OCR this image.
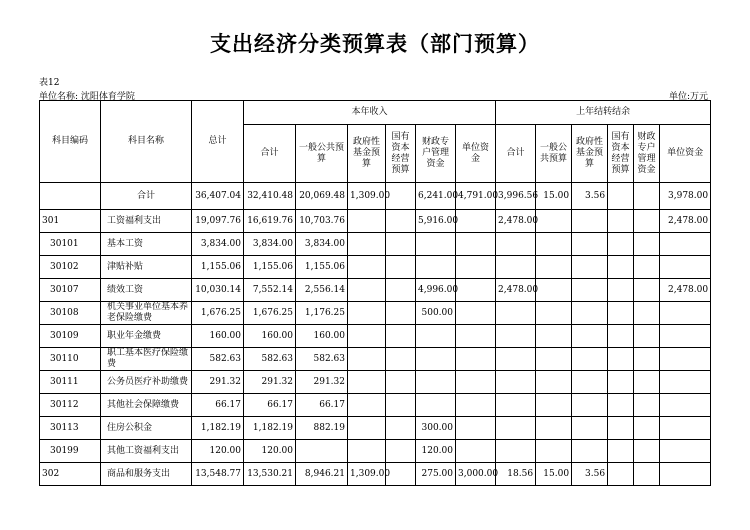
支出经济分类预算表（部门预算）
表12
单位名称: 沈阳体育学院	单位:万元
科目编码	科目名称	总计	本年收入						上年结转结余					
			合计	一般公共预算	政府性基金预算	国有资本经营预算	财政专户管理资金	单位资金	合计	一般公共预算	政府性基金预算	国有资本经营预算	财政专户管理资金	单位资金
	合计	36,407.04	32,410.48	20,069.48	1,309.00		6,241.00	4,791.00	3,996.56	15.00	3.56			3,978.00
301	工资福利支出	19,097.76	16,619.76	10,703.76			5,916.00		2,478.00					2,478.00
30101	基本工资	3,834.00	3,834.00	3,834.00										
30102	津贴补贴	1,155.06	1,155.06	1,155.06										
30107	绩效工资	10,030.14	7,552.14	2,556.14			4,996.00		2,478.00					2,478.00
30108	机关事业单位基本养老保险缴费	1,676.25	1,676.25	1,176.25			500.00							
30109	职业年金缴费	160.00	160.00	160.00										
30110	职工基本医疗保险缴费	582.63	582.63	582.63										
30111	公务员医疗补助缴费	291.32	291.32	291.32										
30112	其他社会保障缴费	66.17	66.17	66.17										
30113	住房公积金	1,182.19	1,182.19	882.19			300.00							
30199	其他工资福利支出	120.00	120.00				120.00							
302	商品和服务支出	13,548.77	13,530.21	8,946.21	1,309.00		275.00	3,000.00	18.56	15.00	3.56			
